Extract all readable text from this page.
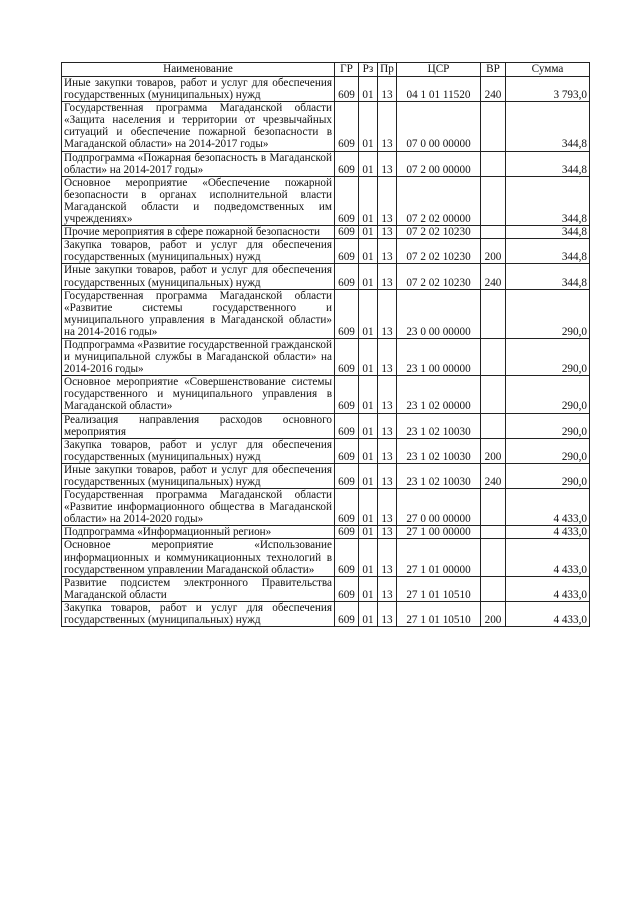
Наименование	ГР	Рз	Пр	ЦСР	ВР	Сумма
Иные закупки товаров, работ и услуг для обеспечения государственных (муниципальных) нужд	609	01	13	04 1 01 11520	240	3 793,0
Государственная программа Магаданской области «Защита населения и территории от чрезвычайных ситуаций и обеспечение пожарной безопасности в Магаданской области» на 2014-2017 годы»	609	01	13	07 0 00 00000		344,8
Подпрограмма «Пожарная безопасность в Магаданской области» на 2014-2017 годы»	609	01	13	07 2 00 00000		344,8
Основное мероприятие «Обеспечение пожарной безопасности в органах исполнительной власти Магаданской области и подведомственных им учреждениях»	609	01	13	07 2 02 00000		344,8
Прочие мероприятия в сфере пожарной безопасности	609	01	13	07 2 02 10230		344,8
Закупка товаров, работ и услуг для обеспечения государственных (муниципальных) нужд	609	01	13	07 2 02 10230	200	344,8
Иные закупки товаров, работ и услуг для обеспечения государственных (муниципальных) нужд	609	01	13	07 2 02 10230	240	344,8
Государственная программа Магаданской области «Развитие системы государственного и муниципального управления в Магаданской области» на 2014-2016 годы»	609	01	13	23 0 00 00000		290,0
Подпрограмма «Развитие государственной гражданской и муниципальной службы в Магаданской области» на 2014-2016 годы»	609	01	13	23 1 00 00000		290,0
Основное мероприятие «Совершенствование системы государственного и муниципального управления в Магаданской области»	609	01	13	23 1 02 00000		290,0
Реализация направления расходов основного мероприятия	609	01	13	23 1 02 10030		290,0
Закупка товаров, работ и услуг для обеспечения государственных (муниципальных) нужд	609	01	13	23 1 02 10030	200	290,0
Иные закупки товаров, работ и услуг для обеспечения государственных (муниципальных) нужд	609	01	13	23 1 02 10030	240	290,0
Государственная программа Магаданской области «Развитие информационного общества в Магаданской области» на 2014-2020 годы»	609	01	13	27 0 00 00000		4 433,0
Подпрограмма «Информационный регион»	609	01	13	27 1 00 00000		4 433,0
Основное мероприятие «Использование информационных и коммуникационных технологий в государственном управлении Магаданской области»	609	01	13	27 1 01 00000		4 433,0
Развитие подсистем электронного Правительства Магаданской области	609	01	13	27 1 01 10510		4 433,0
Закупка товаров, работ и услуг для обеспечения государственных (муниципальных) нужд	609	01	13	27 1 01 10510	200	4 433,0
